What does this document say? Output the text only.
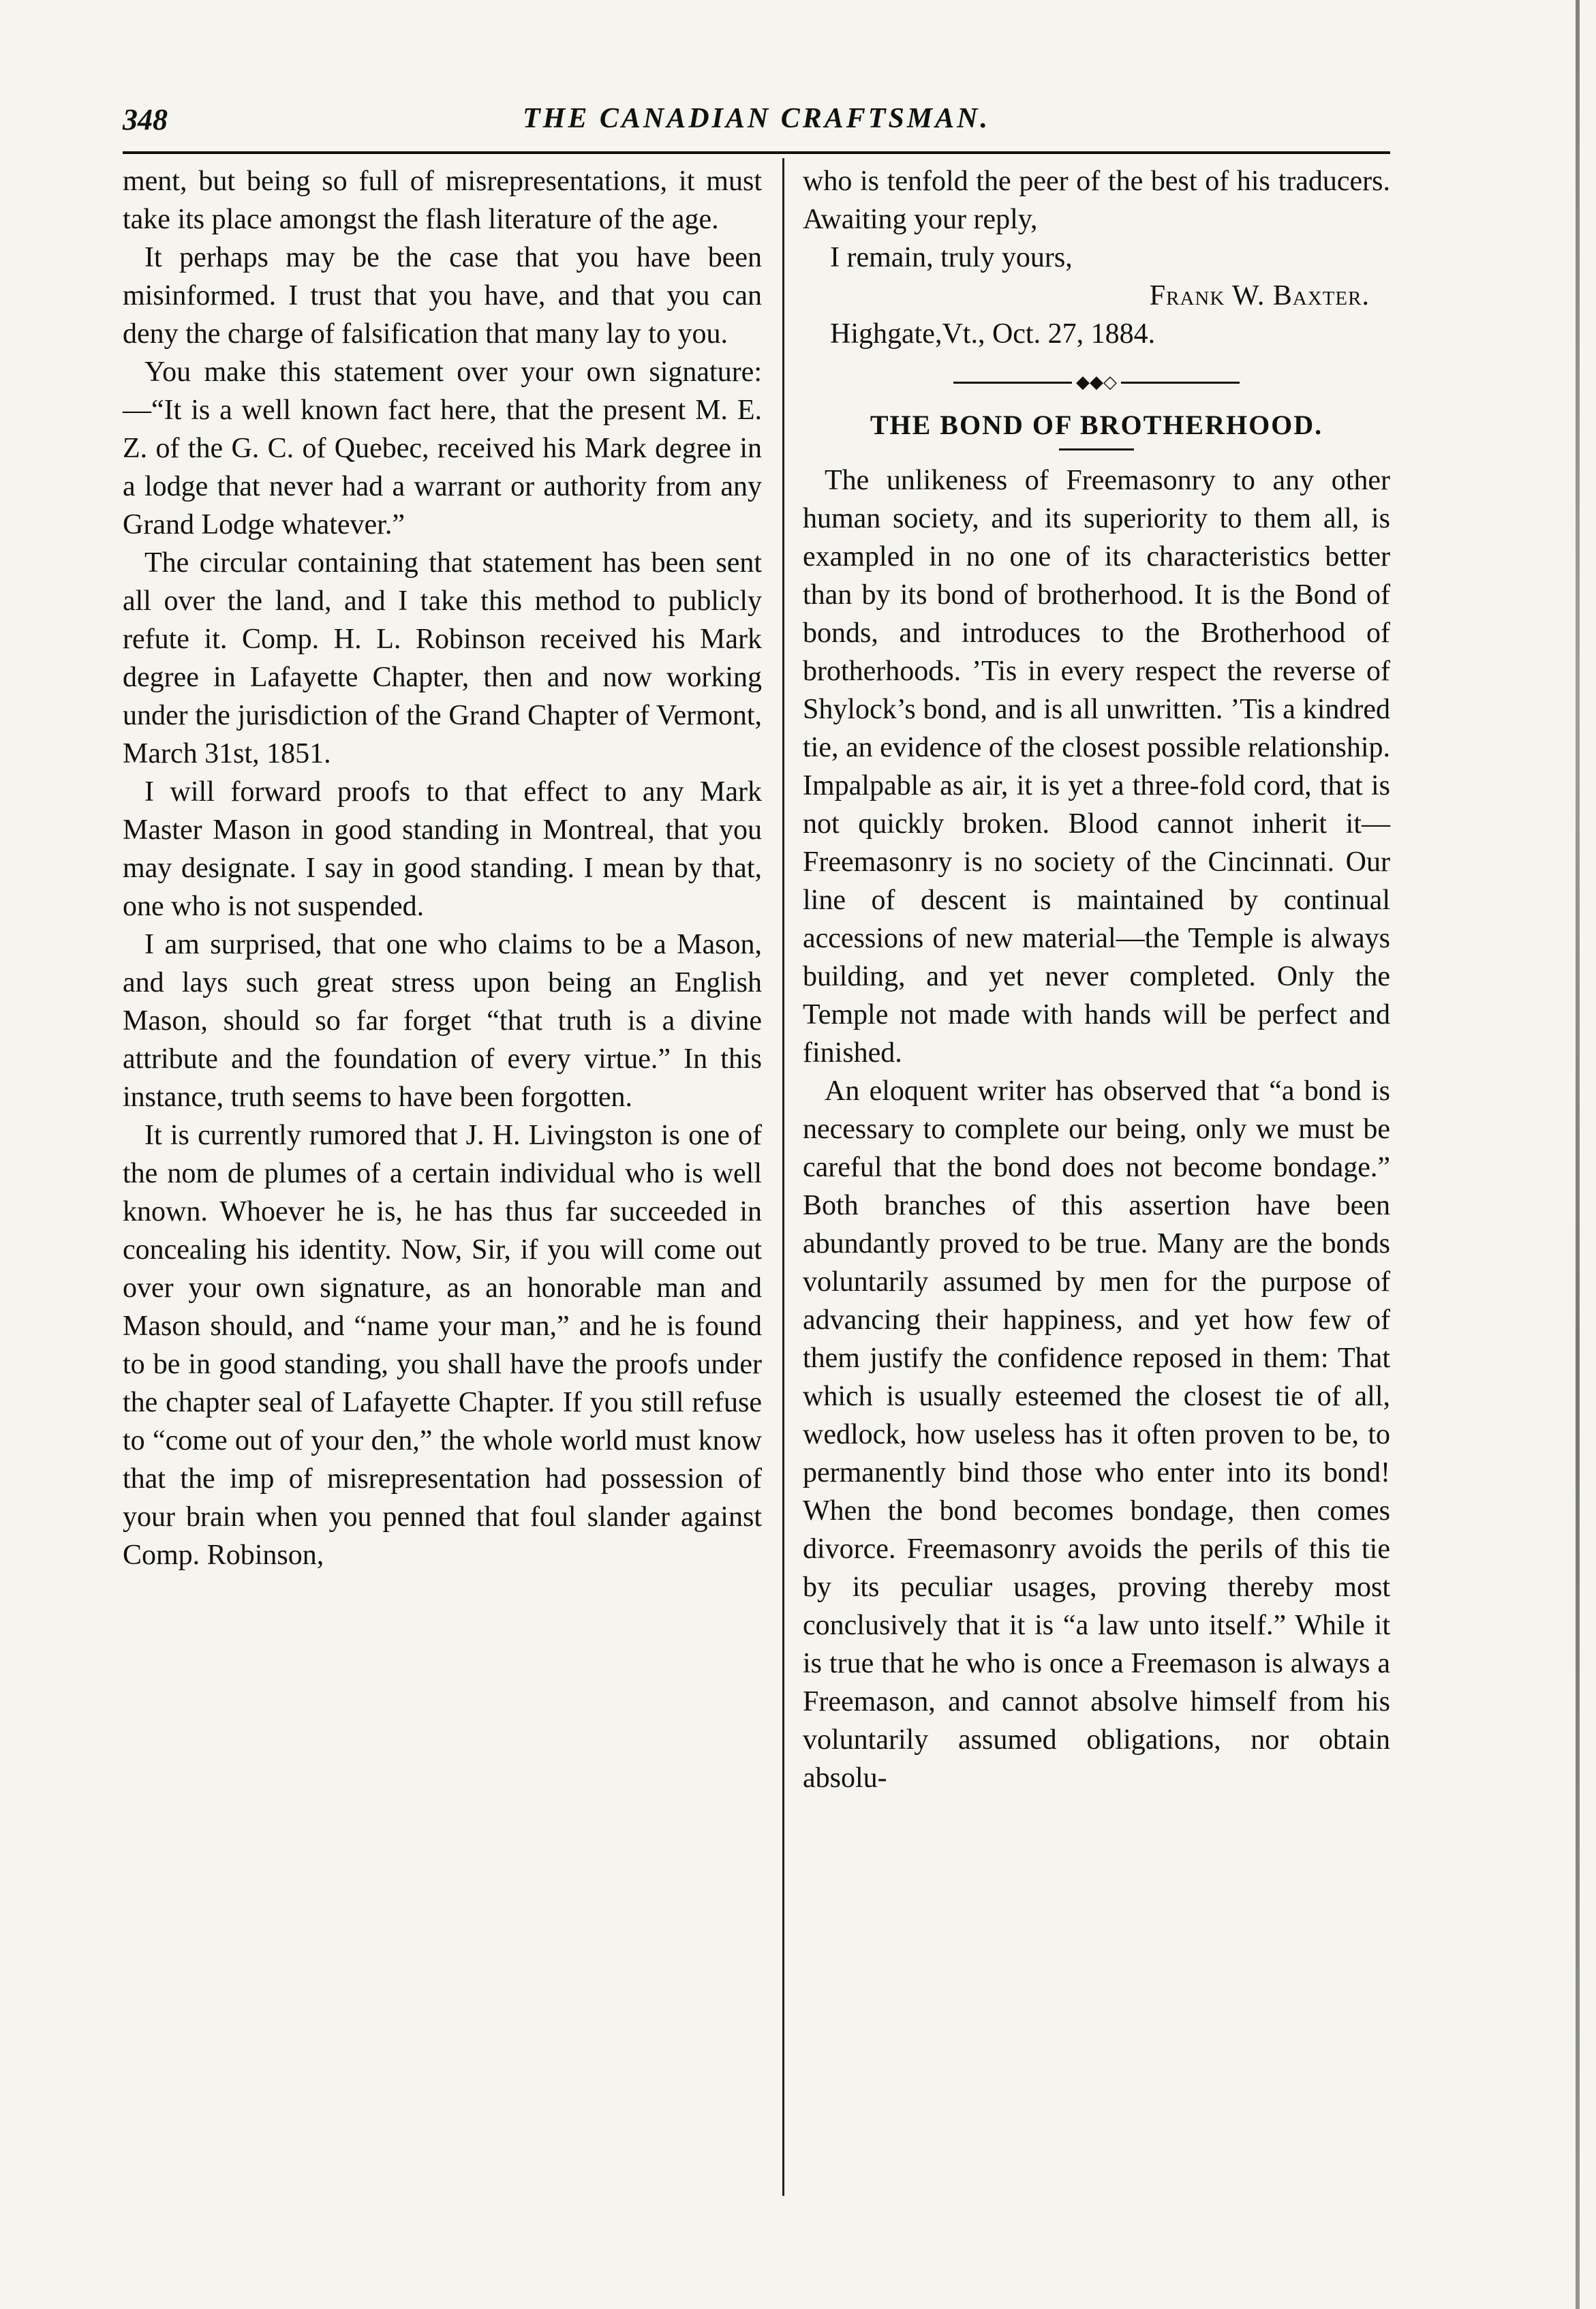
348	THE CANADIAN CRAFTSMAN.

ment, but being so full of misrepresentations, it must take its place amongst the flash literature of the age.

It perhaps may be the case that you have been misinformed. I trust that you have, and that you can deny the charge of falsification that many lay to you.

You make this statement over your own signature:—“It is a well known fact here, that the present M. E. Z. of the G. C. of Quebec, received his Mark degree in a lodge that never had a warrant or authority from any Grand Lodge whatever.”

The circular containing that statement has been sent all over the land, and I take this method to publicly refute it. Comp. H. L. Robinson received his Mark degree in Lafayette Chapter, then and now working under the jurisdiction of the Grand Chapter of Vermont, March 31st, 1851.

I will forward proofs to that effect to any Mark Master Mason in good standing in Montreal, that you may designate. I say in good standing. I mean by that, one who is not suspended.

I am surprised, that one who claims to be a Mason, and lays such great stress upon being an English Mason, should so far forget “that truth is a divine attribute and the foundation of every virtue.” In this instance, truth seems to have been forgotten.

It is currently rumored that J. H. Livingston is one of the nom de plumes of a certain individual who is well known. Whoever he is, he has thus far succeeded in concealing his identity. Now, Sir, if you will come out over your own signature, as an honorable man and Mason should, and “name your man,” and he is found to be in good standing, you shall have the proofs under the chapter seal of Lafayette Chapter. If you still refuse to “come out of your den,” the whole world must know that the imp of misrepresentation had possession of your brain when you penned that foul slander against Comp. Robinson,

who is tenfold the peer of the best of his traducers. Awaiting your reply,

I remain, truly yours,

Frank W. Baxter.

Highgate,Vt., Oct. 27, 1884.

◆◆◇
THE BOND OF BROTHERHOOD.

The unlikeness of Freemasonry to any other human society, and its superiority to them all, is exampled in no one of its characteristics better than by its bond of brotherhood. It is the Bond of bonds, and introduces to the Brotherhood of brotherhoods. ’Tis in every respect the reverse of Shylock’s bond, and is all unwritten. ’Tis a kindred tie, an evidence of the closest possible relationship. Impalpable as air, it is yet a three-fold cord, that is not quickly broken. Blood cannot inherit it—Freemasonry is no society of the Cincinnati. Our line of descent is maintained by continual accessions of new material—the Temple is always building, and yet never completed. Only the Temple not made with hands will be perfect and finished.

An eloquent writer has observed that “a bond is necessary to complete our being, only we must be careful that the bond does not become bondage.” Both branches of this assertion have been abundantly proved to be true. Many are the bonds voluntarily assumed by men for the purpose of advancing their happiness, and yet how few of them justify the confidence reposed in them: That which is usually esteemed the closest tie of all, wedlock, how useless has it often proven to be, to permanently bind those who enter into its bond! When the bond becomes bondage, then comes divorce. Freemasonry avoids the perils of this tie by its peculiar usages, proving thereby most conclusively that it is “a law unto itself.” While it is true that he who is once a Freemason is always a Freemason, and cannot absolve himself from his voluntarily assumed obligations, nor obtain absolu-
